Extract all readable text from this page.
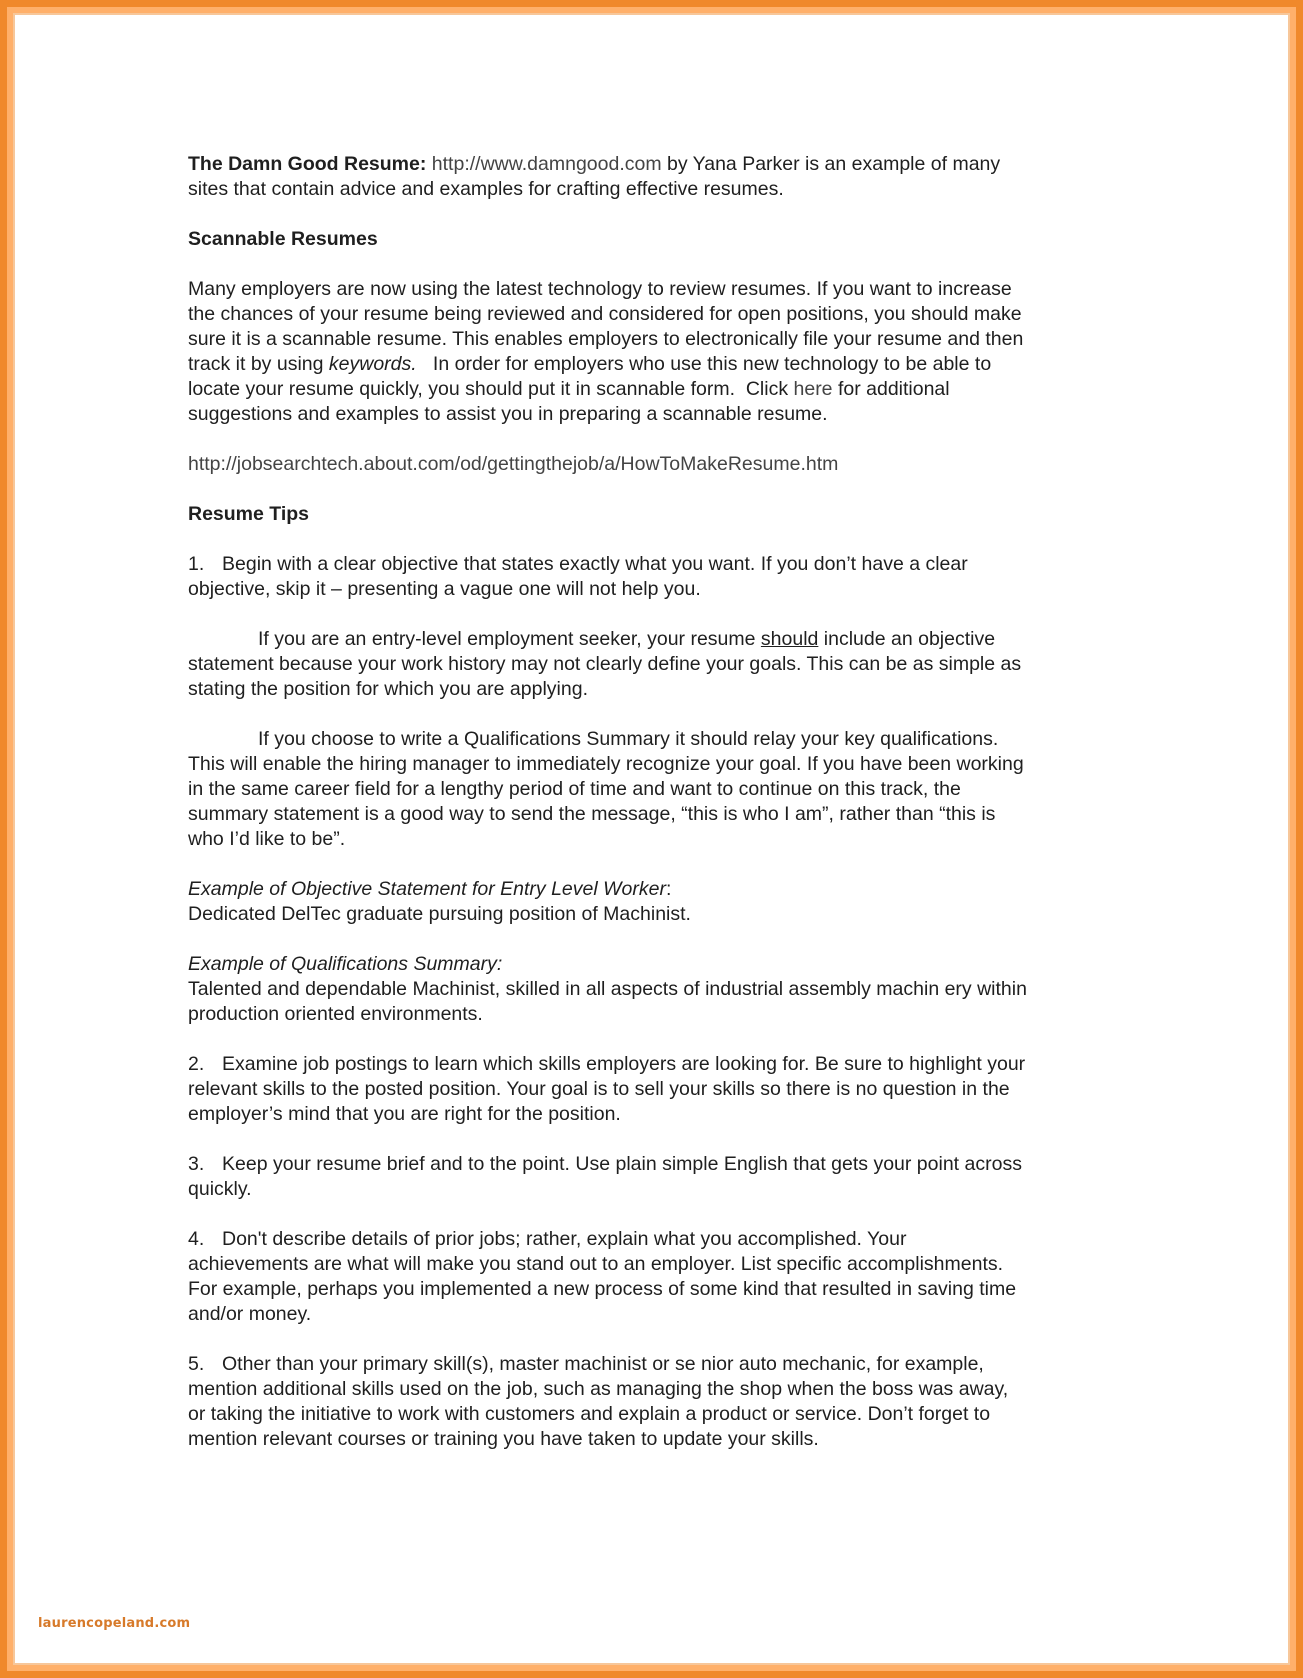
The Damn Good Resume: http://www.damngood.com by Yana Parker is an example of many
sites that contain advice and examples for crafting effective resumes.

Scannable Resumes

Many employers are now using the latest technology to review resumes. If you want to increase
the chances of your resume being reviewed and considered for open positions, you should make
sure it is a scannable resume. This enables employers to electronically file your resume and then
track it by using keywords.   In order for employers who use this new technology to be able to
locate your resume quickly, you should put it in scannable form.  Click here for additional
suggestions and examples to assist you in preparing a scannable resume.

http://jobsearchtech.about.com/od/gettingthejob/a/HowToMakeResume.htm

Resume Tips

1. Begin with a clear objective that states exactly what you want. If you don’t have a clear
objective, skip it – presenting a vague one will not help you.

If you are an entry-level employment seeker, your resume should include an objective
statement because your work history may not clearly define your goals. This can be as simple as
stating the position for which you are applying.

If you choose to write a Qualifications Summary it should relay your key qualifications.
This will enable the hiring manager to immediately recognize your goal. If you have been working
in the same career field for a lengthy period of time and want to continue on this track, the
summary statement is a good way to send the message, “this is who I am”, rather than “this is
who I’d like to be”.

Example of Objective Statement for Entry Level Worker:
Dedicated DelTec graduate pursuing position of Machinist.

Example of Qualifications Summary:
Talented and dependable Machinist, skilled in all aspects of industrial assembly machin ery within
production oriented environments.

2. Examine job postings to learn which skills employers are looking for. Be sure to highlight your
relevant skills to the posted position. Your goal is to sell your skills so there is no question in the
employer’s mind that you are right for the position.

3. Keep your resume brief and to the point. Use plain simple English that gets your point across
quickly.

4. Don't describe details of prior jobs; rather, explain what you accomplished. Your
achievements are what will make you stand out to an employer. List specific accomplishments.
For example, perhaps you implemented a new process of some kind that resulted in saving time
and/or money.

5. Other than your primary skill(s), master machinist or se nior auto mechanic, for example,
mention additional skills used on the job, such as managing the shop when the boss was away,
or taking the initiative to work with customers and explain a product or service. Don’t forget to
mention relevant courses or training you have taken to update your skills.

laurencopeland.com
